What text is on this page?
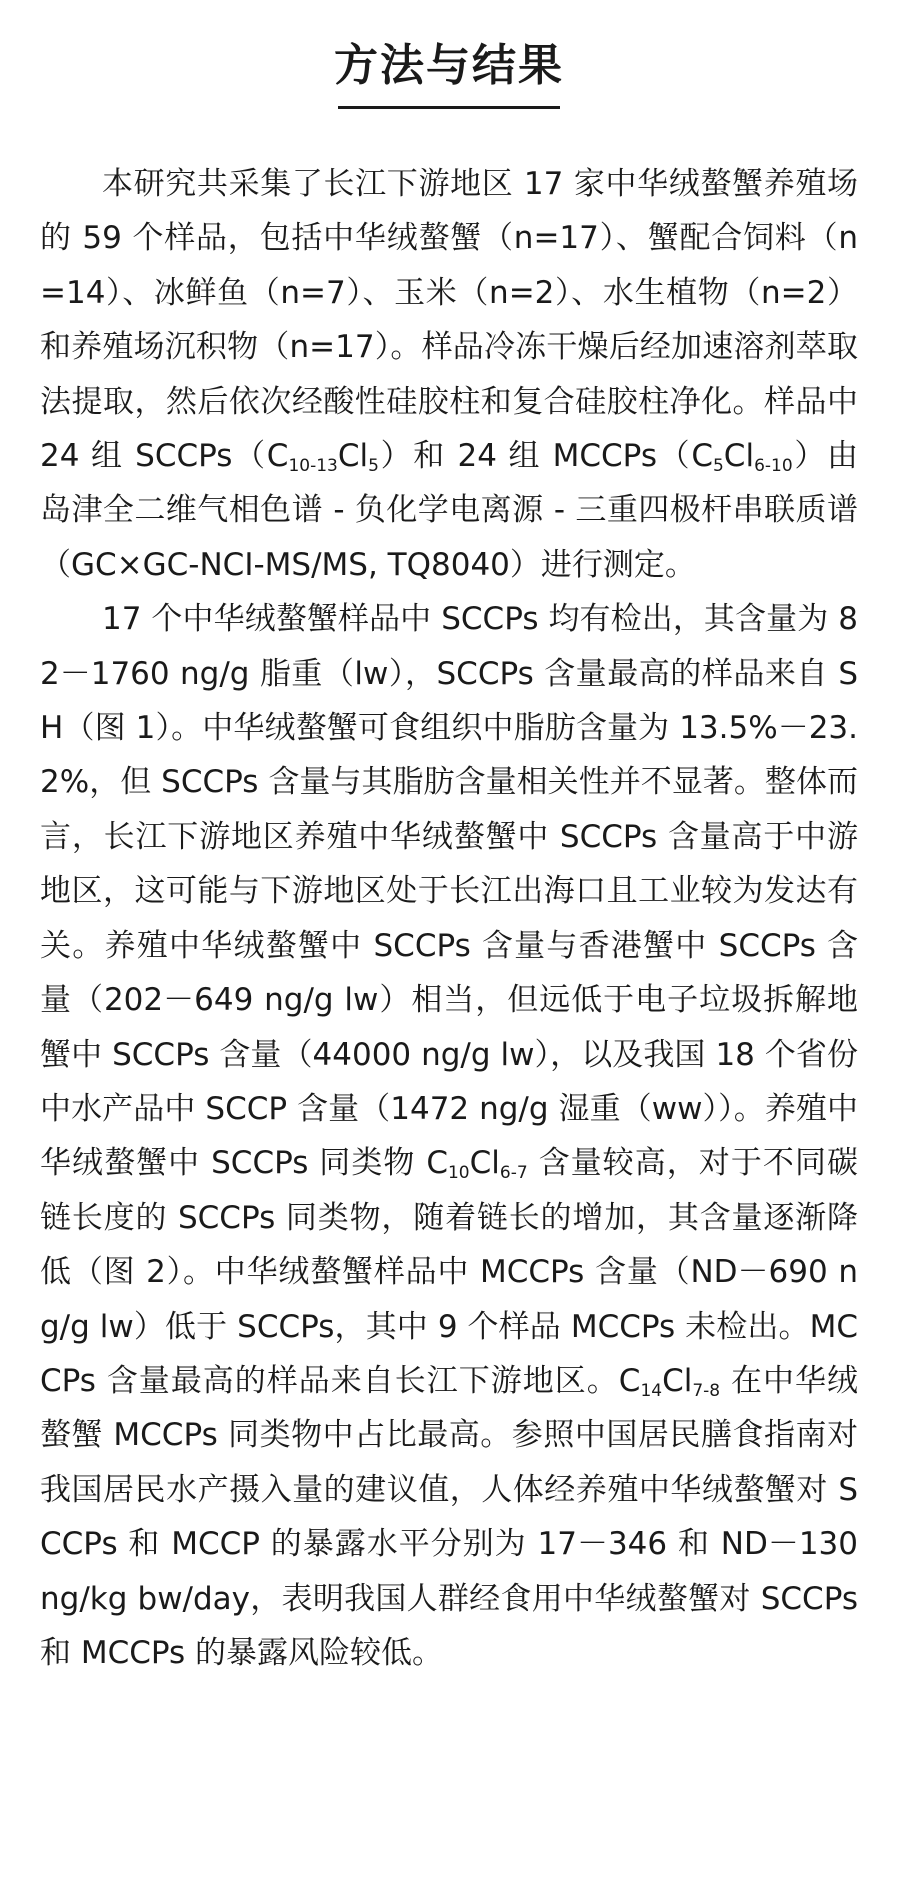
方法与结果

本研究共采集了长江下游地区 17 家中华绒螯蟹养殖场的 59 个样品，包括中华绒螯蟹（n=17）、蟹配合饲料（n=14）、冰鲜鱼（n=7）、玉米（n=2）、水生植物（n=2）和养殖场沉积物（n=17）。样品冷冻干燥后经加速溶剂萃取法提取，然后依次经酸性硅胶柱和复合硅胶柱净化。样品中 24 组 $SCCPs(C_{10-13}Cl_5)$和 24 组 $MCCPs(C_5Cl_{6-10})$由岛津全二维气相色谱 - 负化学电离源 - 三重四极杆串联质谱（GC×GC-NCI-MS/MS, TQ8040）进行测定。

17 个中华绒螯蟹样品中 SCCPs 均有检出，其含量为 82－1760 ng/g 脂重（lw），SCCPs 含量最高的样品来自 SH（图 1）。中华绒螯蟹可食组织中脂肪含量为 13.5%－23.2%，但 SCCPs 含量与其脂肪含量相关性并不显著。整体而言，长江下游地区养殖中华绒螯蟹中 SCCPs 含量高于中游地区，这可能与下游地区处于长江出海口且工业较为发达有关。养殖中华绒螯蟹中 SCCPs 含量与香港蟹中 SCCPs 含量（202－649 ng/g lw）相当，但远低于电子垃圾拆解地蟹中 SCCPs 含量（44000 ng/g lw），以及我国 18 个省份中水产品中 SCCP 含量（1472 ng/g 湿重（ww））。养殖中华绒螯蟹中 SCCPs 同类物 $C_{10}Cl_{6-7}$ 含量较高，对于不同碳链长度的 SCCPs 同类物，随着链长的增加，其含量逐渐降低（图 2）。中华绒螯蟹样品中 MCCPs 含量（ND－690 ng/g lw）低于 SCCPs，其中 9 个样品 MCCPs 未检出。MCCPs 含量最高的样品来自长江下游地区。$C_{14}Cl_{7-8}$ 在中华绒螯蟹 MCCPs 同类物中占比最高。参照中国居民膳食指南对我国居民水产摄入量的建议值，人体经养殖中华绒螯蟹对 SCCPs 和 MCCP 的暴露水平分别为 17－346 和 ND－130 ng/kg bw/day，表明我国人群经食用中华绒螯蟹对 SCCPs 和 MCCPs 的暴露风险较低。
